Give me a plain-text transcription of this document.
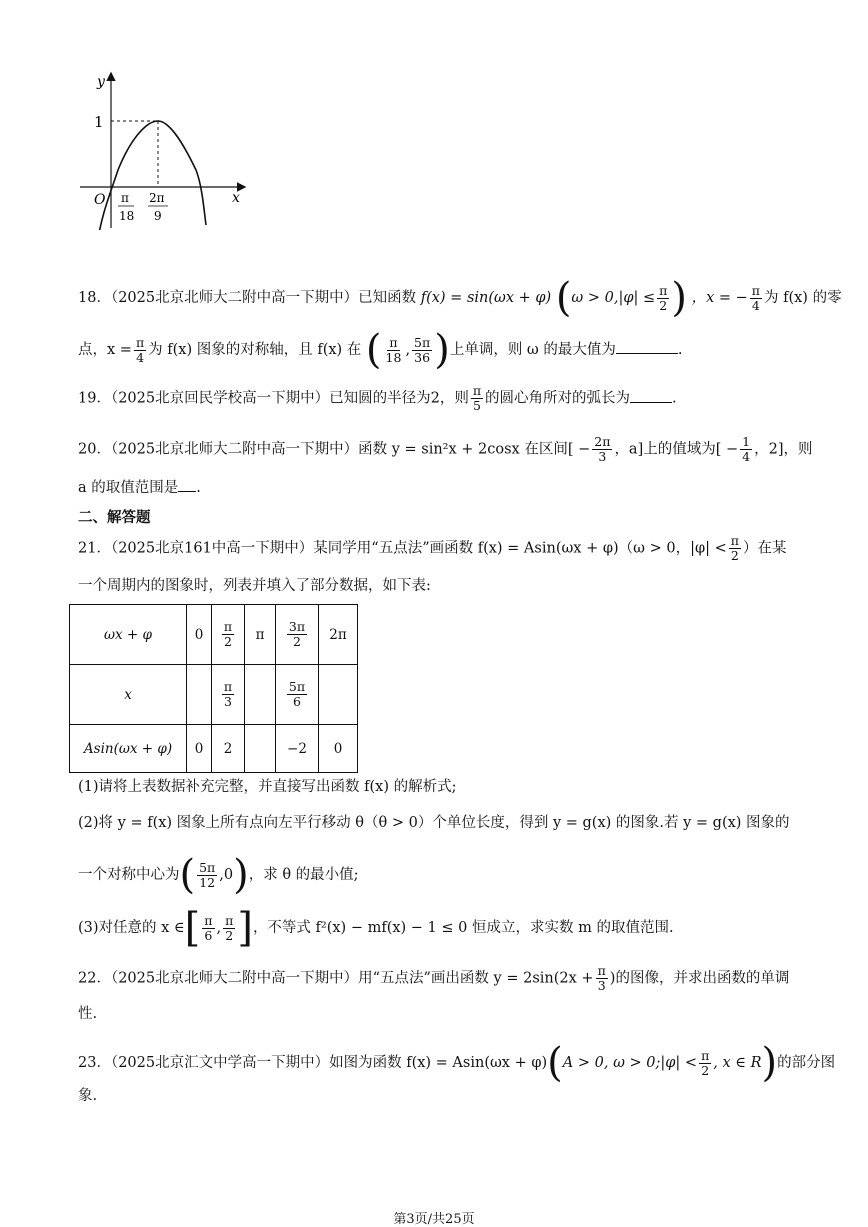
y
x
O
1
π
18
2π
9
18．（2025北京北师大二附中高一下期中）已知函数 f(x) = sin(ωx + φ) ($\omega > 0,|\varphi| \le \frac{\pi}{2}$ ) ，x = − $\frac{\pi}{4}$ 为 f(x) 的零
点，$x = \frac{\pi}{4}$ 为 f(x) 图象的对称轴，且 f(x) 在 ( $\frac{\pi}{18}$ , $\frac{5\pi}{36}$ )上单调，则 ω 的最大值为	.
19．（2025北京回民学校高一下期中）已知圆的半径为2，则 $\frac{\pi}{5}$ 的圆心角所对的弧长为	.
20．（2025北京北师大二附中高一下期中）函数 y = sin²x + 2cosx 在区间[ − $\frac{2\pi}{3}$ ，a]上的值域为[ − $\frac{1}{4}$ ，2]，则
a 的取值范围是 .
二、解答题
21．（2025北京161中高一下期中）某同学用“五点法”画函数 f(x) = Asin(ωx + φ)（ω > 0，$|\varphi| < \frac{\pi}{2}$ ）在某
一个周期内的图象时，列表并填入了部分数据，如下表:
ωx + φ	0	$\frac{\pi}{2}$	π	$\frac{3\pi}{2}$	2π
x		$\frac{\pi}{3}$		$\frac{5\pi}{6}$

Asin(ωx + φ)	0	2		−2	0
(1)请将上表数据补充完整，并直接写出函数 f(x) 的解析式;
(2)将 y = f(x) 图象上所有点向左平行移动 θ（θ > 0）个单位长度，得到 y = g(x) 的图象.若 y = g(x) 图象的
一个对称中心为( $\frac{5\pi}{12} ,0$)，求 θ 的最小值;
(3)对任意的 x ∈[ $\frac{\pi}{6}$ , $\frac{\pi}{2}$ ]，不等式 f²(x) − mf(x) − 1 ≤ 0 恒成立，求实数 m 的取值范围.
22．（2025北京北师大二附中高一下期中）用“五点法”画出函数 $y = 2\sin(2x + \frac{\pi}{3}$ )的图像，并求出函数的单调
性.
23．（2025北京汇文中学高一下期中）如图为函数 f(x) = Asin(ωx + φ)(A > 0, ω > 0;|φ| < $\frac{\pi}{2}$ , x ∈ R)的部分图
象.
第3页/共25页
